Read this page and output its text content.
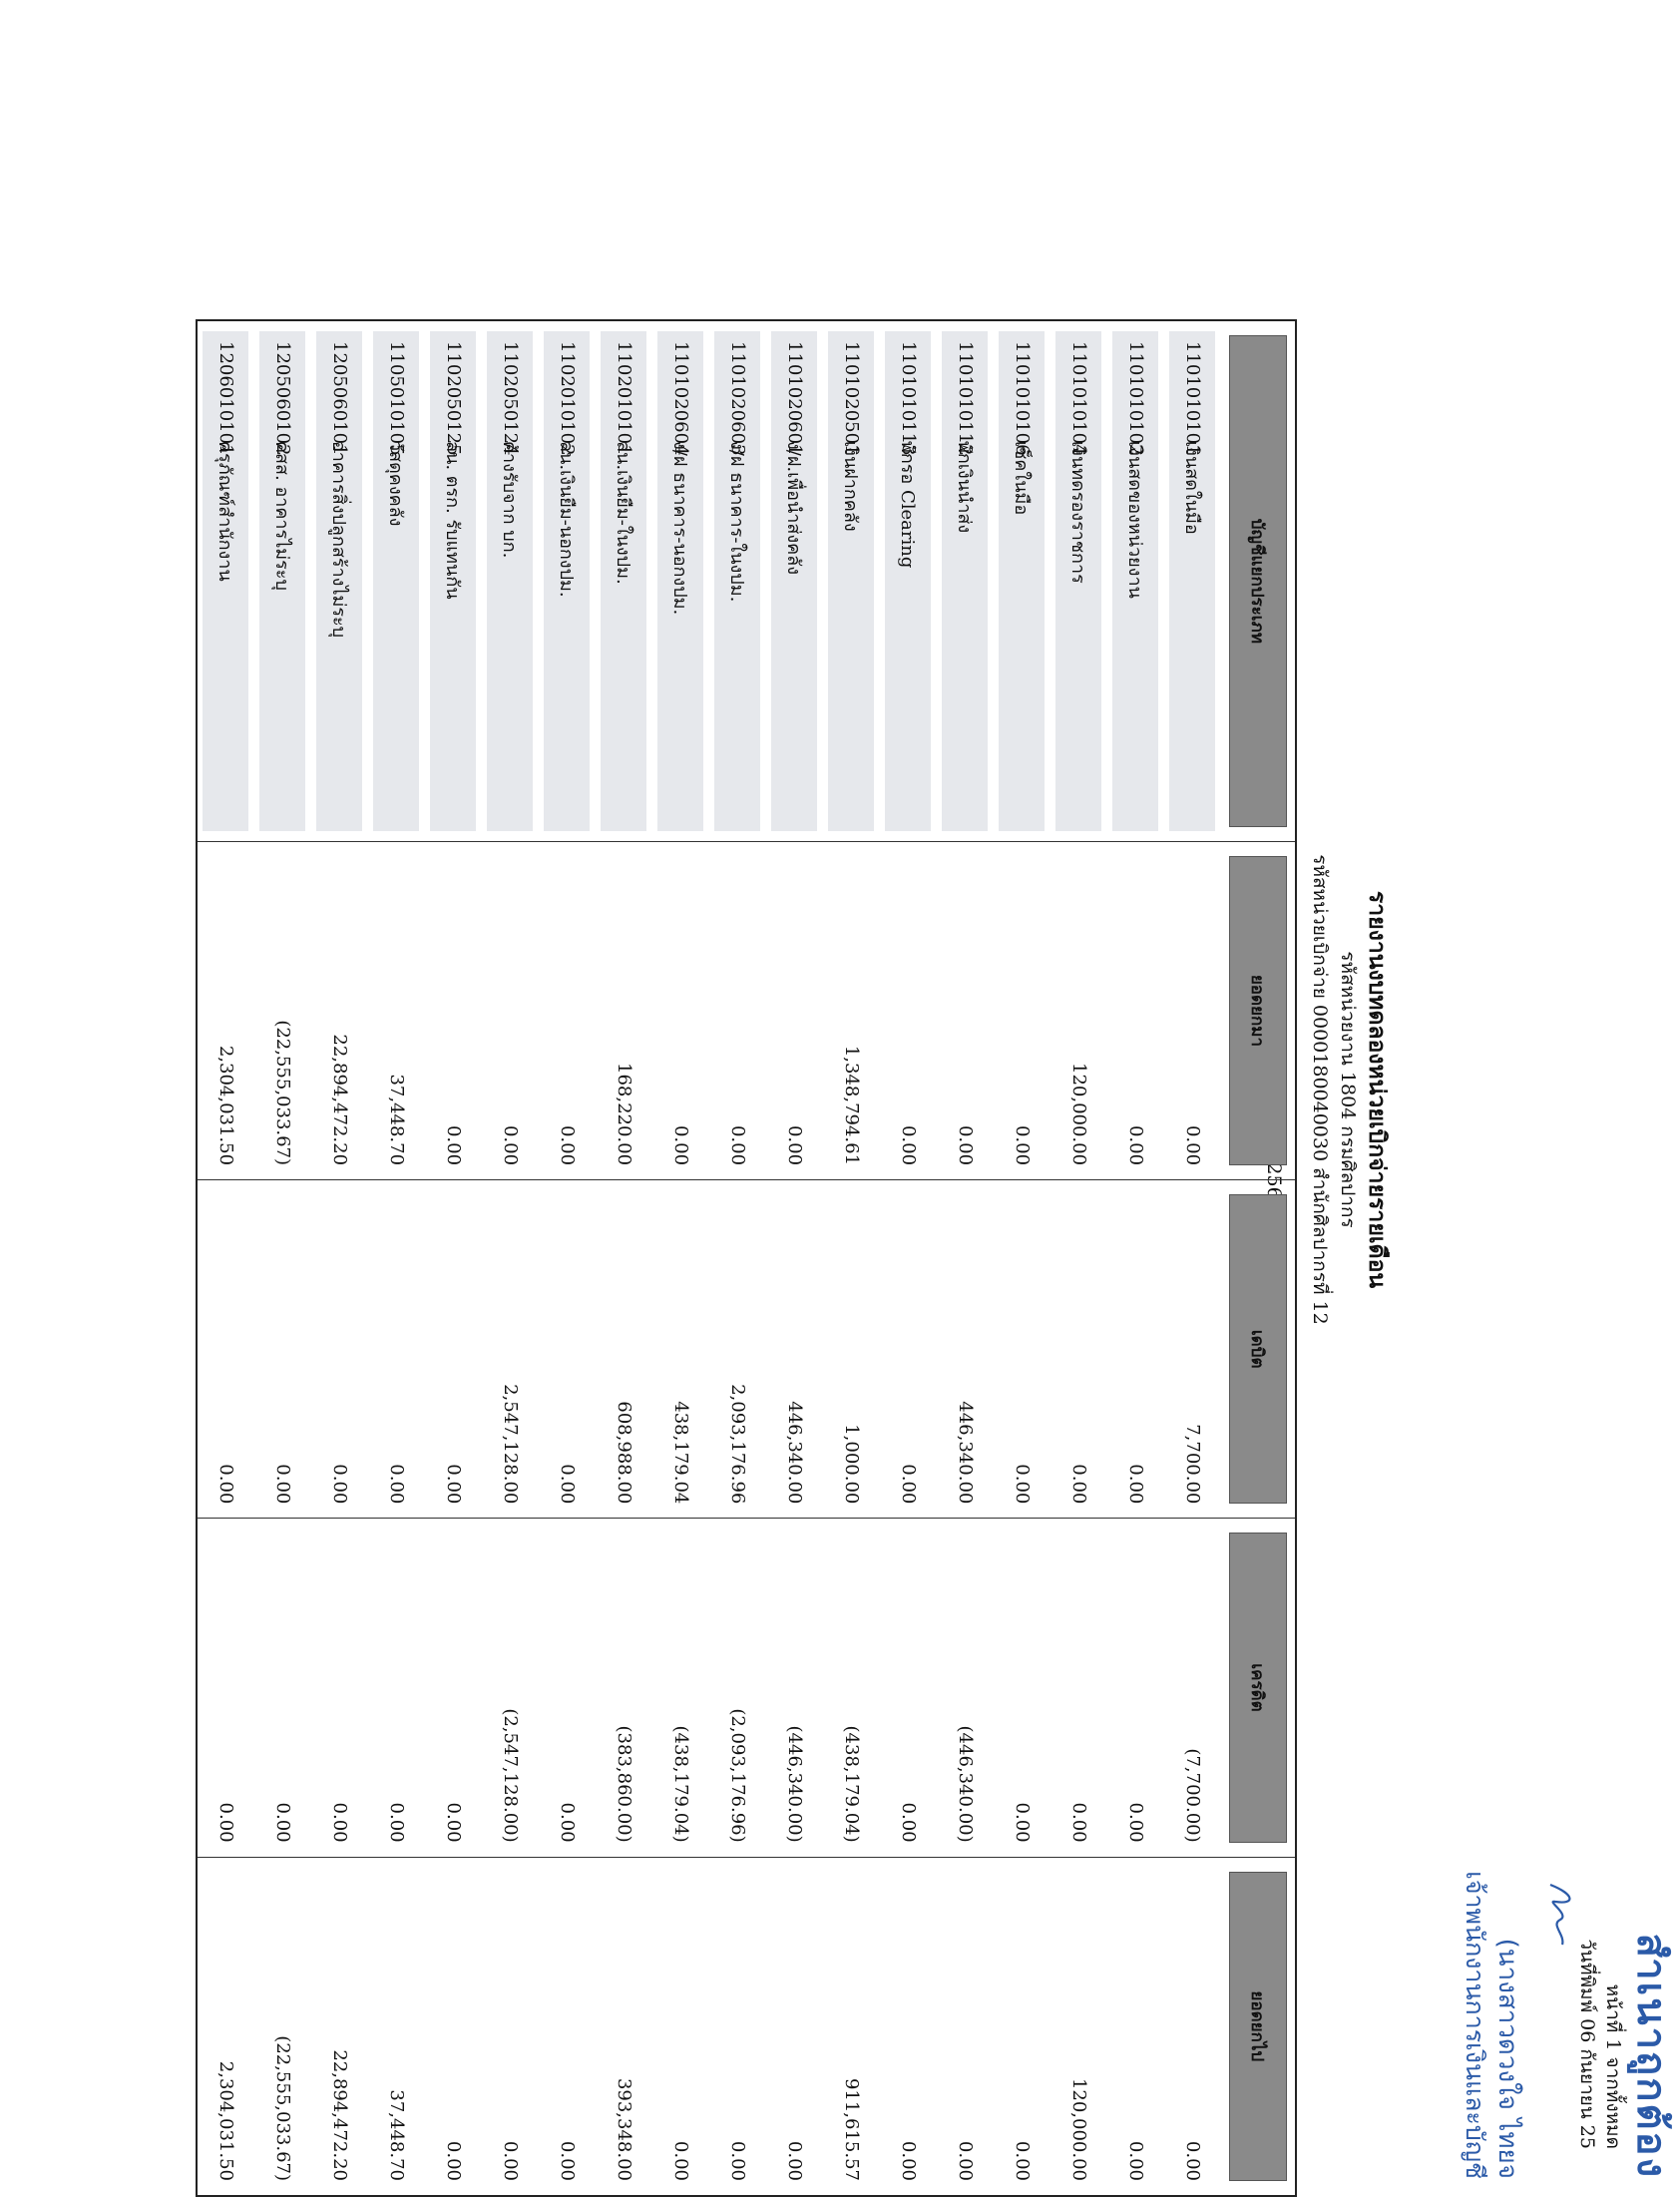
หน้าที่ 1 จากทั้งหมด
วันที่พิมพ์ 06 กันยายน 25
รายงานงบทดลองหน่วยเบิกจ่ายรายเดือน
รหัสหน่วยงาน 1804 กรมศิลปากร
รหัสหน่วยเบิกจ่าย 0000180040030 สำนักศิลปากรที่ 12
บัญชีแยกประเภท	ยอดยกมา	เดบิต	เครดิต	ยอดยกไป

1101010101
เงินสดในมือ	0.00	7,700.00	(7,700.00)	0.00

1101010102
เงินสดของหน่วยงาน	0.00	0.00	0.00	0.00

1101010104
เงินทดรองราชการ	120,000.00	0.00	0.00	120,000.00

1101010106
เช็คในมือ	0.00	0.00	0.00	0.00

1101010112
พักเงินนำส่ง	0.00	446,340.00	(446,340.00)	0.00

1101010113
พักรอ Clearing	0.00	0.00	0.00	0.00

1101020501
เงินฝากคลัง	1,348,794.61	1,000.00	(438,179.04)	911,615.57

1101020601
ง/ฝ.เพื่อนำส่งคลัง	0.00	446,340.00	(446,340.00)	0.00

1101020603
ง/ฝ ธนาคาร-ในงปม.	0.00	2,093,176.96	(2,093,176.96)	0.00

1101020604
ง/ฝ ธนาคาร-นอกงปม.	0.00	438,179.04	(438,179.04)	0.00

1102010101
ลน.เงินยืม-ในงปม.	168,220.00	608,988.00	(383,860.00)	393,348.00

1102010102
ลน.เงินยืม-นอกงปม.	0.00	0.00	0.00	0.00

1102050124
ค้างรับจาก บก.	0.00	2,547,128.00	(2,547,128.00)	0.00

1102050125
ลน. ตรก. รับแทนกัน	0.00	0.00	0.00	0.00

1105010105
วัสดุคงคลัง	37,448.70	0.00	0.00	37,448.70

1205060101
อาคารสิ่งปลูกสร้างไม่ระบุ	22,894,472.20	0.00	0.00	22,894,472.20

1205060102
คสส. อาคารไม่ระบุ	(22,555,033.67)	0.00	0.00	(22,555,033.67)

1206010101
ครุภัณฑ์สำนักงาน	2,304,031.50	0.00	0.00	2,304,031.50	สำเนาถูกต้อง
(นางสาวดวงใจ ไทยจ
เจ้าพนักงานการเงินและบัญชี
